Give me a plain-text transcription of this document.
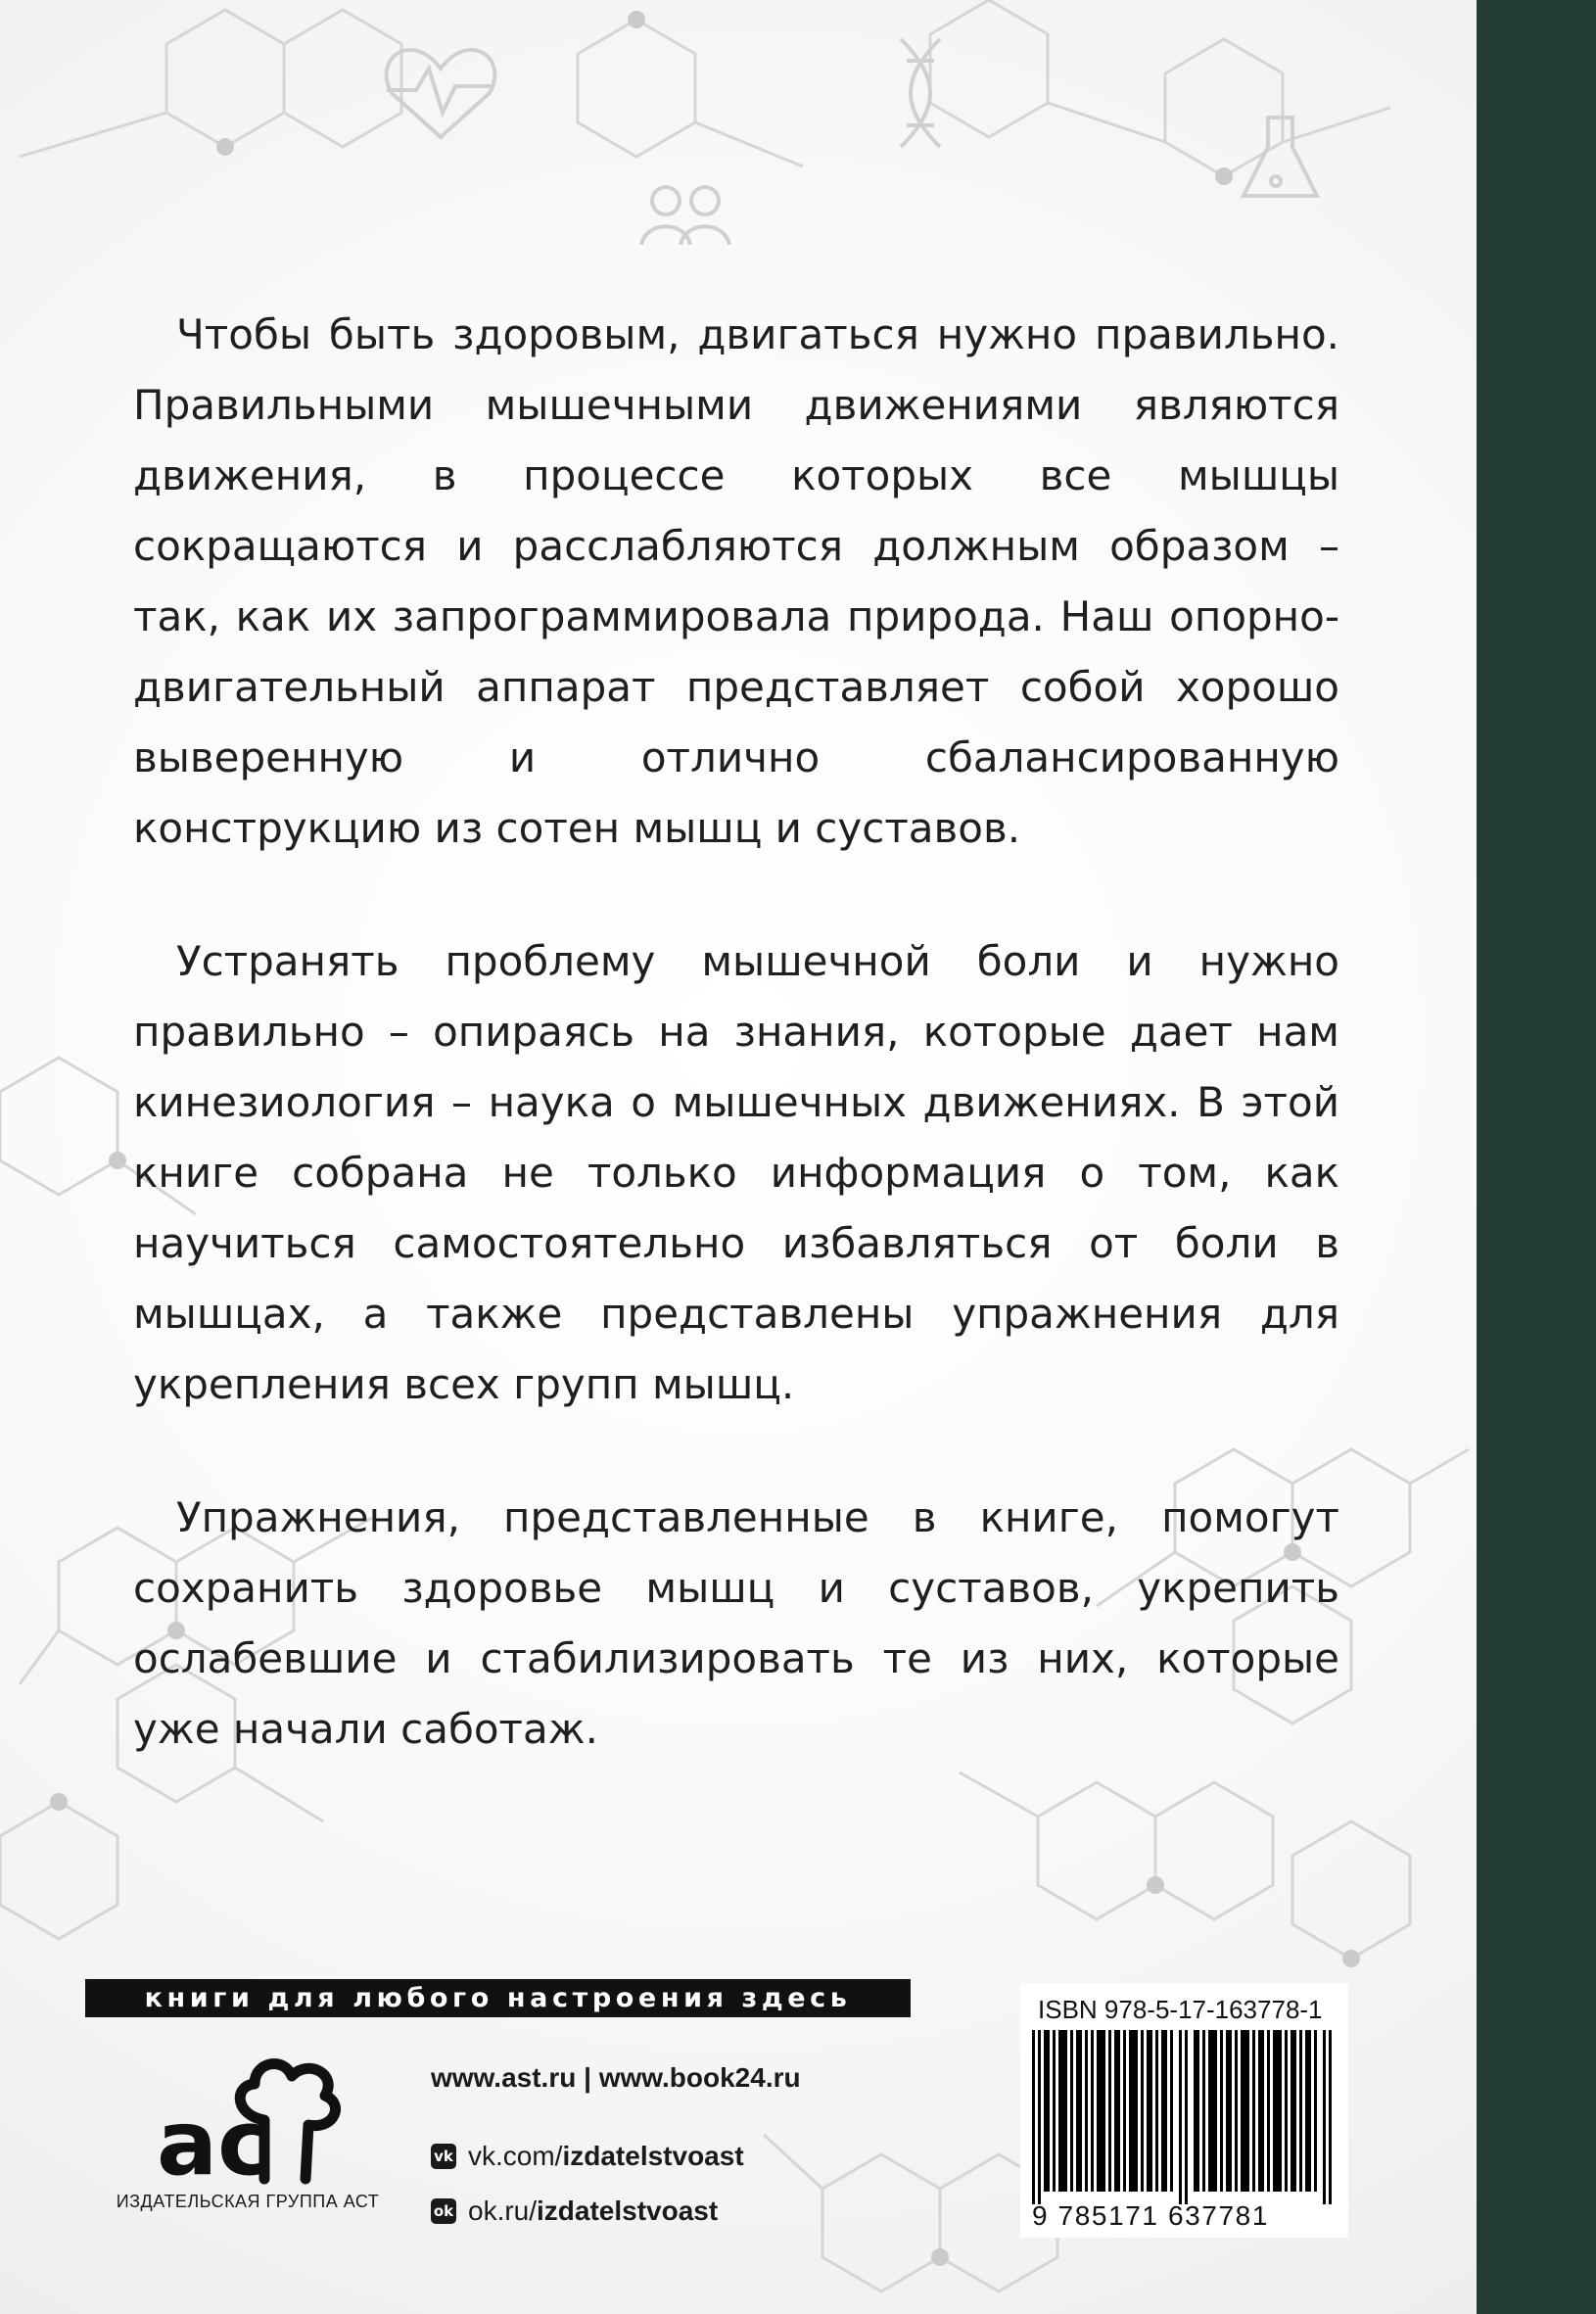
Чтобы быть здоровым, двигаться нужно правильно. Правильными мышечными движениями являются движения, в процессе которых все мышцы сокращаются и расслабляются должным образом – так, как их запрограммировала природа. Наш опорно-двигательный аппарат представляет собой хорошо выверенную и отлично сбалансированную конструкцию из сотен мышц и суставов.

Устранять проблему мышечной боли и нужно правильно – опираясь на знания, которые дает нам кинезиология – наука о мышечных движениях. В этой книге собрана не только информация о том, как научиться самостоятельно избавляться от боли в мышцах, а также представлены упражнения для укрепления всех групп мышц.

Упражнения, представленные в книге, помогут сохранить здоровье мышц и суставов, укрепить ослабевшие и стабилизировать те из них, которые уже начали саботаж.

книги для любого настроения здесь
ас
ИЗДАТЕЛЬСКАЯ ГРУППА АСТ
www.ast.ru | www.book24.ru
vk vk.com/izdatelstvoast
ok ok.ru/izdatelstvoast
ISBN 978-5-17-163778-1
9 785171 637781
